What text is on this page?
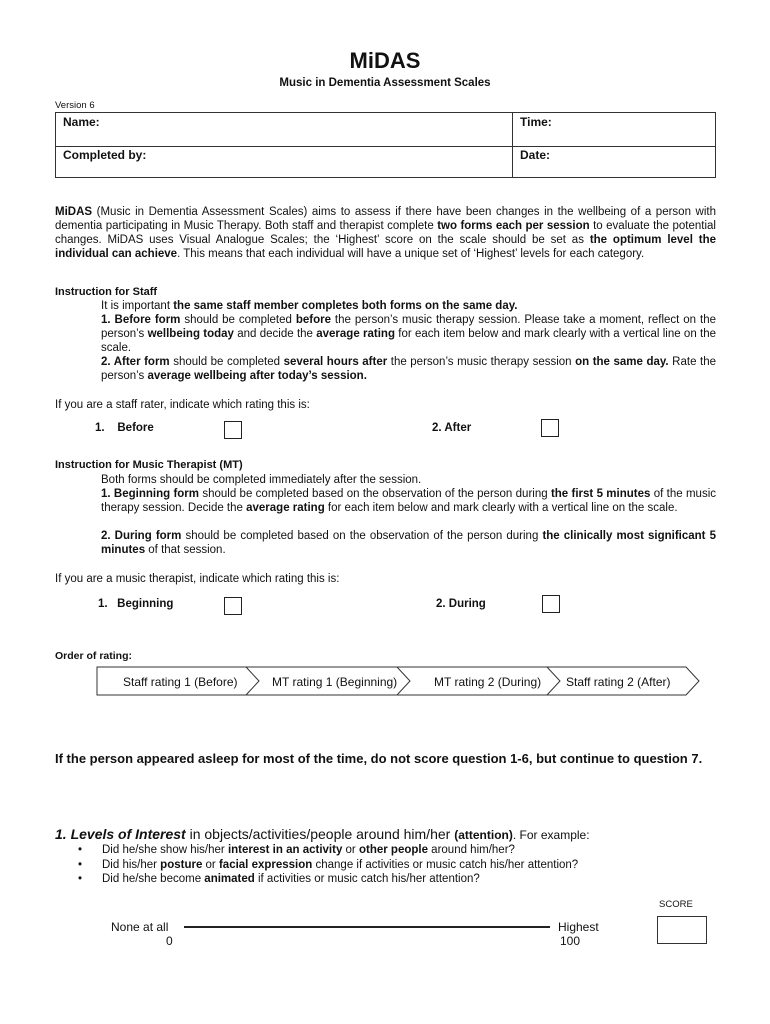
MiDAS
Music in Dementia Assessment Scales
Version 6
Name:	Time:
Completed by:	Date:
MiDAS (Music in Dementia Assessment Scales) aims to assess if there have been changes in the wellbeing of a person with dementia participating in Music Therapy. Both staff and therapist complete two forms each per session to evaluate the potential changes. MiDAS uses Visual Analogue Scales; the ‘Highest’ score on the scale should be set as the optimum level the individual can achieve. This means that each individual will have a unique set of ‘Highest’ levels for each category.
Instruction for Staff
It is important the same staff member completes both forms on the same day.
1. Before form should be completed before the person’s music therapy session. Please take a moment, reflect on the person’s wellbeing today and decide the average rating for each item below and mark clearly with a vertical line on the scale.
2. After form should be completed several hours after the person’s music therapy session on the same day. Rate the person’s average wellbeing after today’s session.
If you are a staff rater, indicate which rating this is:
1.    Before	2. After
Instruction for Music Therapist (MT)
Both forms should be completed immediately after the session.
1. Beginning form should be completed based on the observation of the person during the first 5 minutes of the music therapy session. Decide the average rating for each item below and mark clearly with a vertical line on the scale.
2. During form should be completed based on the observation of the person during the clinically most significant 5 minutes of that session.
If you are a music therapist, indicate which rating this is:
1.   Beginning	2. During
Order of rating:
Staff rating 1 (Before)	MT rating 1 (Beginning)	MT rating 2 (During) Staff rating 2 (After)
If the person appeared asleep for most of the time, do not score question 1-6, but continue to question 7.
1. Levels of Interest in objects/activities/people around him/her (attention). For example:
• Did he/she show his/her interest in an activity or other people around him/her?
• Did his/her posture or facial expression change if activities or music catch his/her attention?
• Did he/she become animated if activities or music catch his/her attention?
SCORE
None at all
0
Highest
100
